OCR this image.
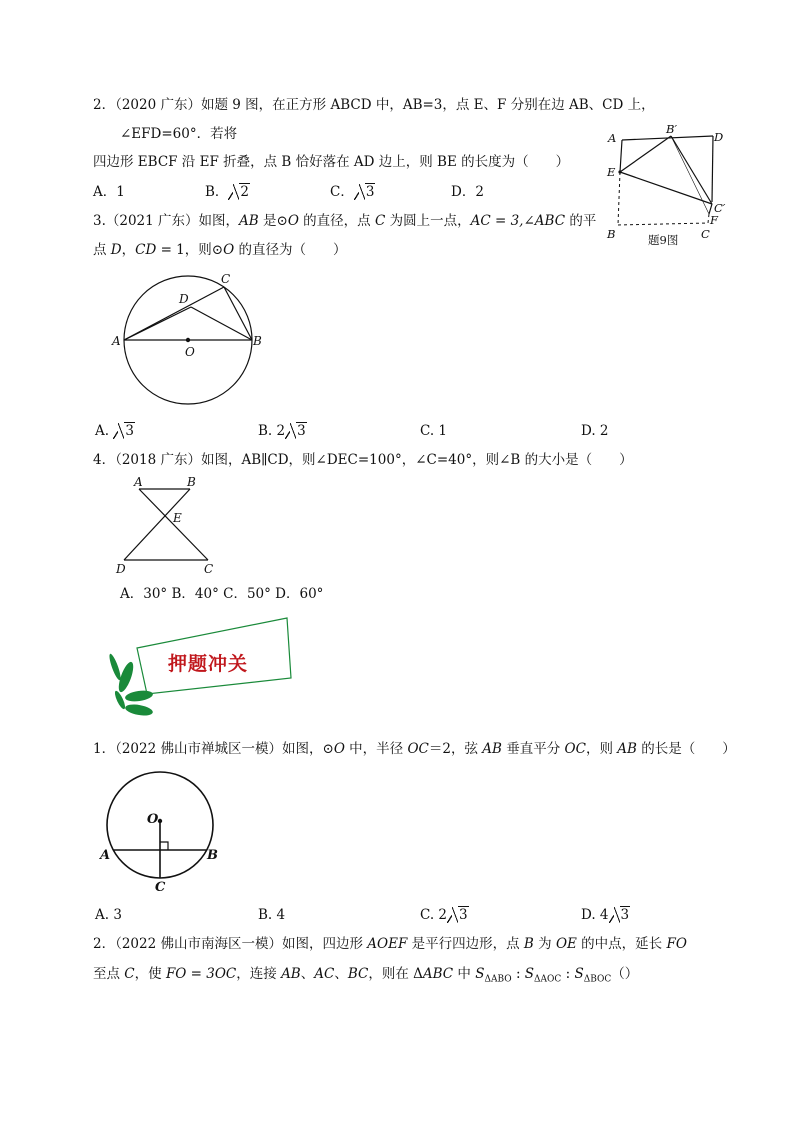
2．（2020 广东）如题 9 图，在正方形 ABCD 中，AB=3，点 E、F 分别在边 AB、CD 上，
∠EFD=60°．若将
四边形 EBCF 沿 EF 折叠，点 B 恰好落在 AD 边上，则 BE 的长度为（　　）
A．1	B． 2	C． 3	D．2
A
B′
D
E
C′
F
B	C
题9图
3.（2021 广东）如图，AB 是⊙O 的直径，点 C 为圆上一点，AC = 3,∠ABC 的平
点 D，CD = 1，则⊙O 的直径为（　　）
A	B
C
D
O
A. 3	B. 2 3	C. 1	D. 2
4．（2018 广东）如图，AB∥CD，则∠DEC=100°，∠C=40°，则∠B 的大小是（　　）
A	B
E
D	C
A．30° B．40° C．50° D．60°
押题冲关
1．（2022 佛山市禅城区一模）如图，⊙O 中，半径 OC＝2，弦 AB 垂直平分 OC，则 AB 的长是（　　）
O
A	B
C
A. 3	B. 4	C. 2 3	D. 4 3
2．（2022 佛山市南海区一模）如图，四边形 AOEF 是平行四边形，点 B 为 OE 的中点，延长 FO
至点 C，使 FO = 3OC，连接 AB、AC、BC，则在 ΔABC 中 $S_{\Delta ABO}$ : $S_{\Delta AOC}$ : $S_{\Delta BOC}()$
